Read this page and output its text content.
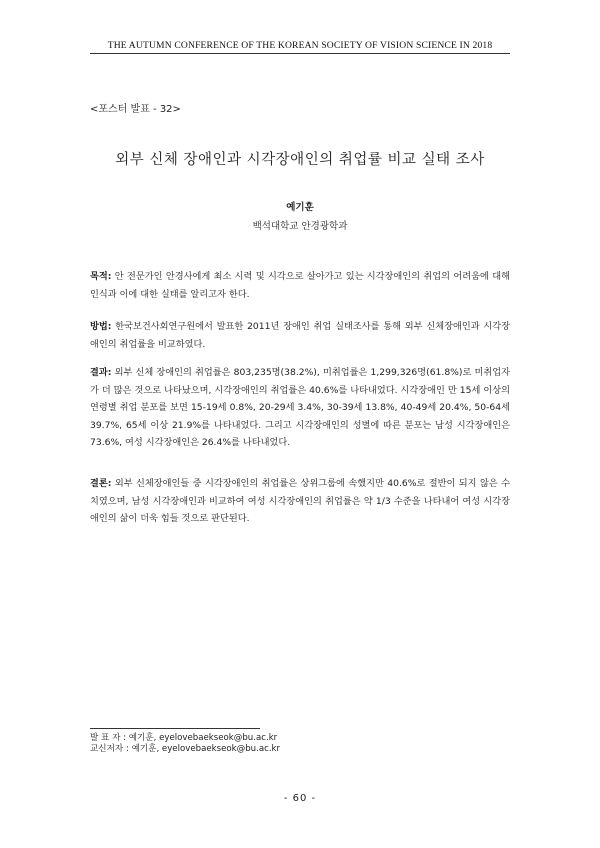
THE AUTUMN CONFERENCE OF THE KOREAN SOCIETY OF VISION SCIENCE IN 2018
<포스터 발표 - 32>
외부 신체 장애인과 시각장애인의 취업률 비교 실태 조사
예기훈
백석대학교 안경광학과
목적: 안 전문가인 안경사에게 최소 시력 및 시각으로 살아가고 있는 시각장애인의 취업의 어려움에 대해 인식과 이에 대한 실태를 알리고자 한다.
방법: 한국보건사회연구원에서 발표한 2011년 장애인 취업 실태조사를 통해 외부 신체장애인과 시각장애인의 취업률을 비교하였다.
결과: 외부 신체 장애인의 취업률은 803,235명(38.2%), 미취업률은 1,299,326명(61.8%)로 미취업자가 더 많은 것으로 나타났으며, 시각장애인의 취업률은 40.6%를 나타내었다. 시각장애인 만 15세 이상의 연령별 취업 분포를 보면 15-19세 0.8%, 20-29세 3.4%, 30-39세 13.8%, 40-49세 20.4%, 50-64세 39.7%, 65세 이상 21.9%를 나타내었다. 그리고 시각장애인의 성별에 따른 분포는 남성 시각장애인은 73.6%, 여성 시각장애인은 26.4%를 나타내었다.
결론: 외부 신체장애인들 중 시각장애인의 취업률은 상위그룹에 속했지만 40.6%로 절반이 되지 않은 수치였으며, 남성 시각장애인과 비교하여 여성 시각장애인의 취업률은 약 1/3 수준을 나타내어 여성 시각장애인의 삶이 더욱 힘들 것으로 판단된다.
발 표 자 : 예기훈, eyelovebaekseok@bu.ac.kr
교신저자 : 예기훈, eyelovebaekseok@bu.ac.kr
- 60 -
